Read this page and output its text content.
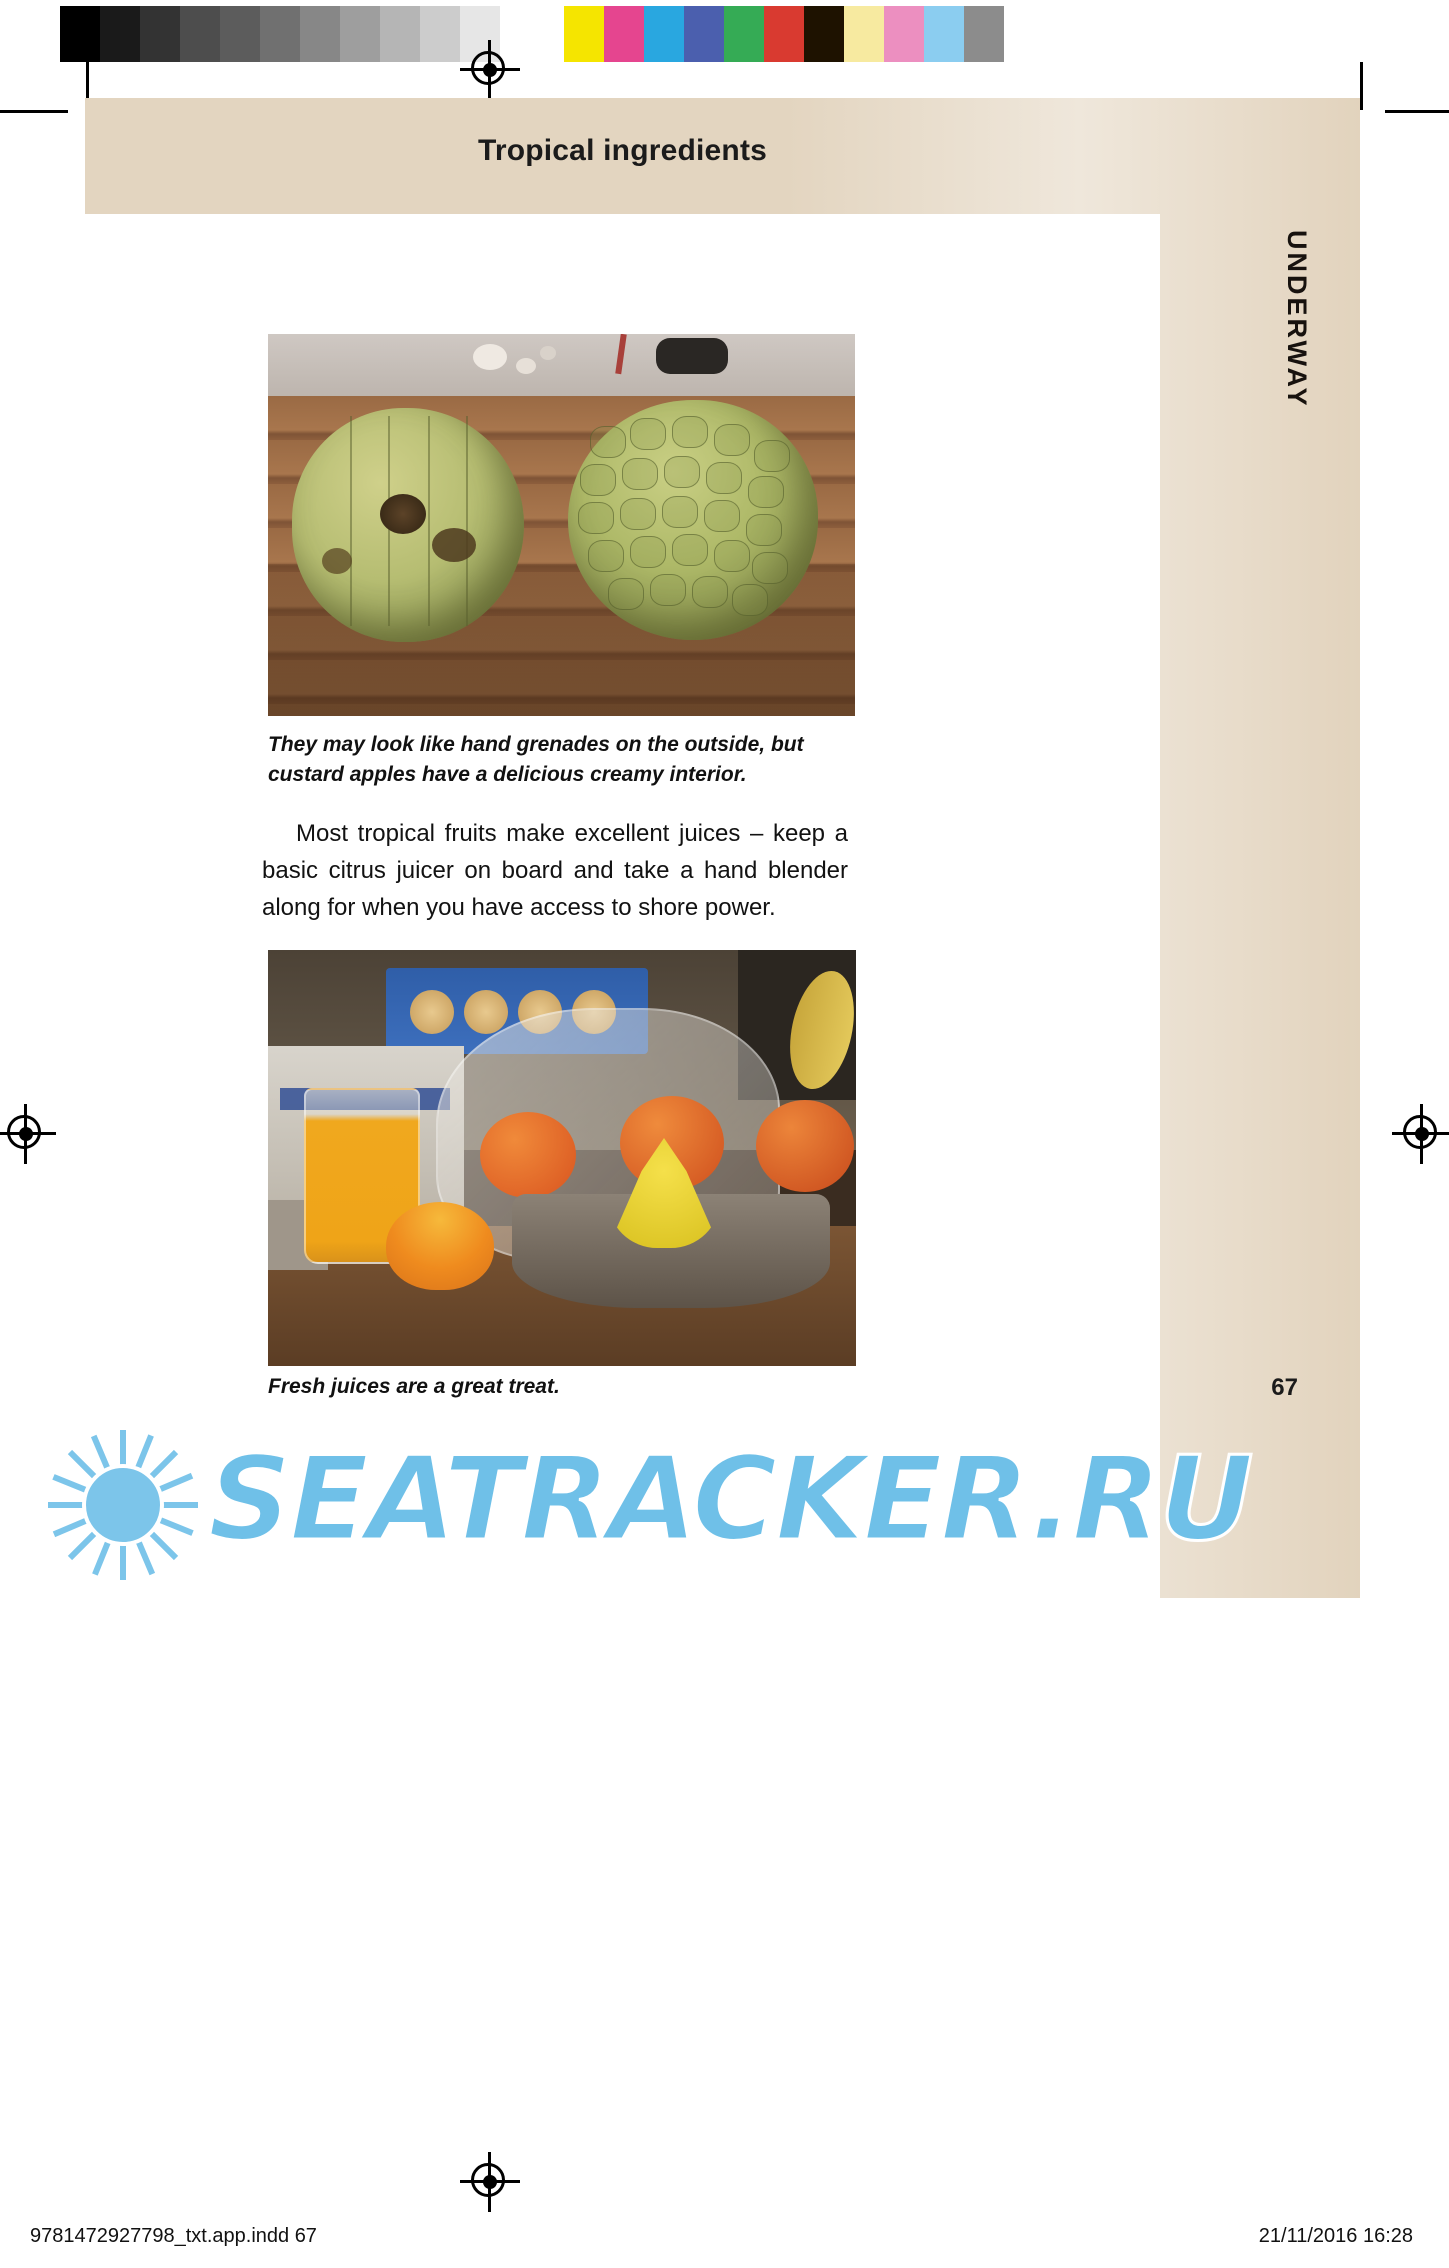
Tropical ingredients
UNDERWAY
They may look like hand grenades on the outside, but custard apples have a delicious creamy interior.
Most tropical fruits make excellent juices – keep a basic citrus juicer on board and take a hand blender along for when you have access to shore power.
Fresh juices are a great treat.	67
SEATRACKER.RU
9781472927798_txt.app.indd 67	21/11/2016 16:28
